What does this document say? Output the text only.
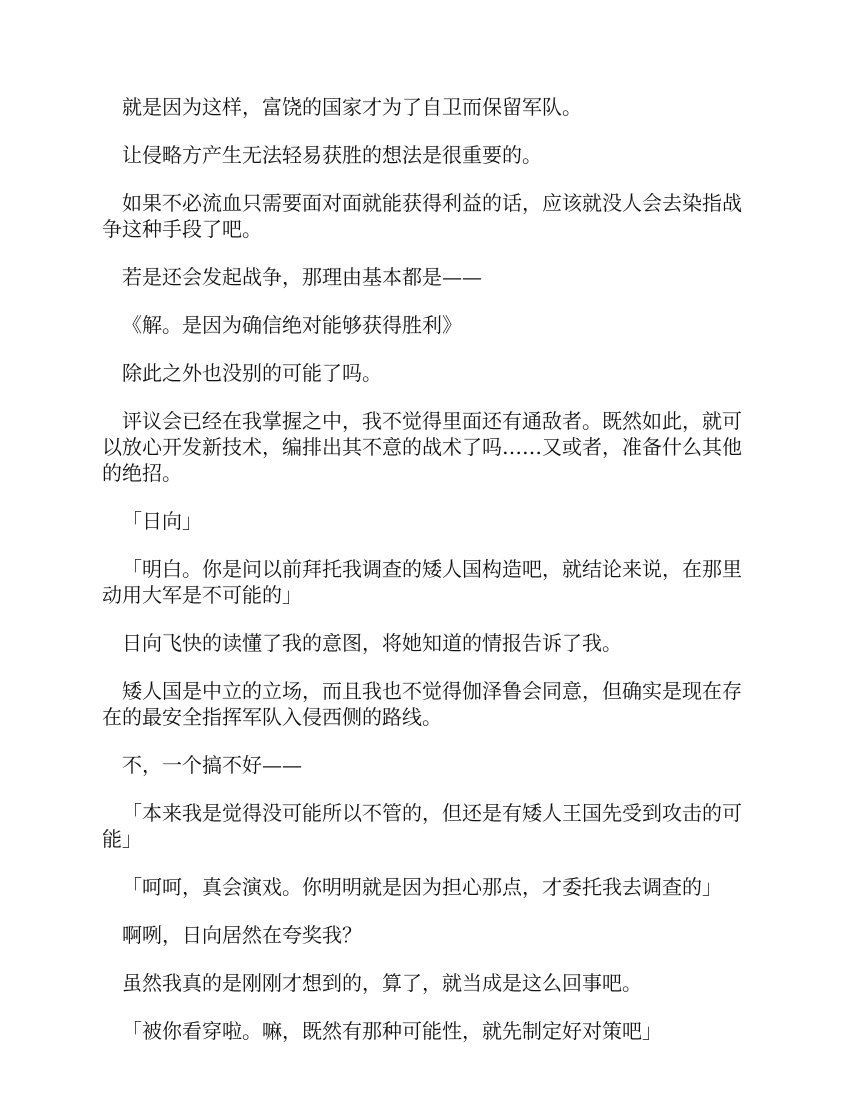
就是因为这样，富饶的国家才为了自卫而保留军队。

让侵略方产生无法轻易获胜的想法是很重要的。

如果不必流血只需要面对面就能获得利益的话，应该就没人会去染指战争这种手段了吧。

若是还会发起战争，那理由基本都是——

《解。是因为确信绝对能够获得胜利》

除此之外也没别的可能了吗。

评议会已经在我掌握之中，我不觉得里面还有通敌者。既然如此，就可以放心开发新技术，编排出其不意的战术了吗……又或者，准备什么其他的绝招。

「日向」

「明白。你是问以前拜托我调查的矮人国构造吧，就结论来说，在那里动用大军是不可能的」

日向飞快的读懂了我的意图，将她知道的情报告诉了我。

矮人国是中立的立场，而且我也不觉得伽泽鲁会同意，但确实是现在存在的最安全指挥军队入侵西侧的路线。

不，一个搞不好——

「本来我是觉得没可能所以不管的，但还是有矮人王国先受到攻击的可能」

「呵呵，真会演戏。你明明就是因为担心那点，才委托我去调查的」

啊咧，日向居然在夸奖我？

虽然我真的是刚刚才想到的，算了，就当成是这么回事吧。

「被你看穿啦。嘛，既然有那种可能性，就先制定好对策吧」
